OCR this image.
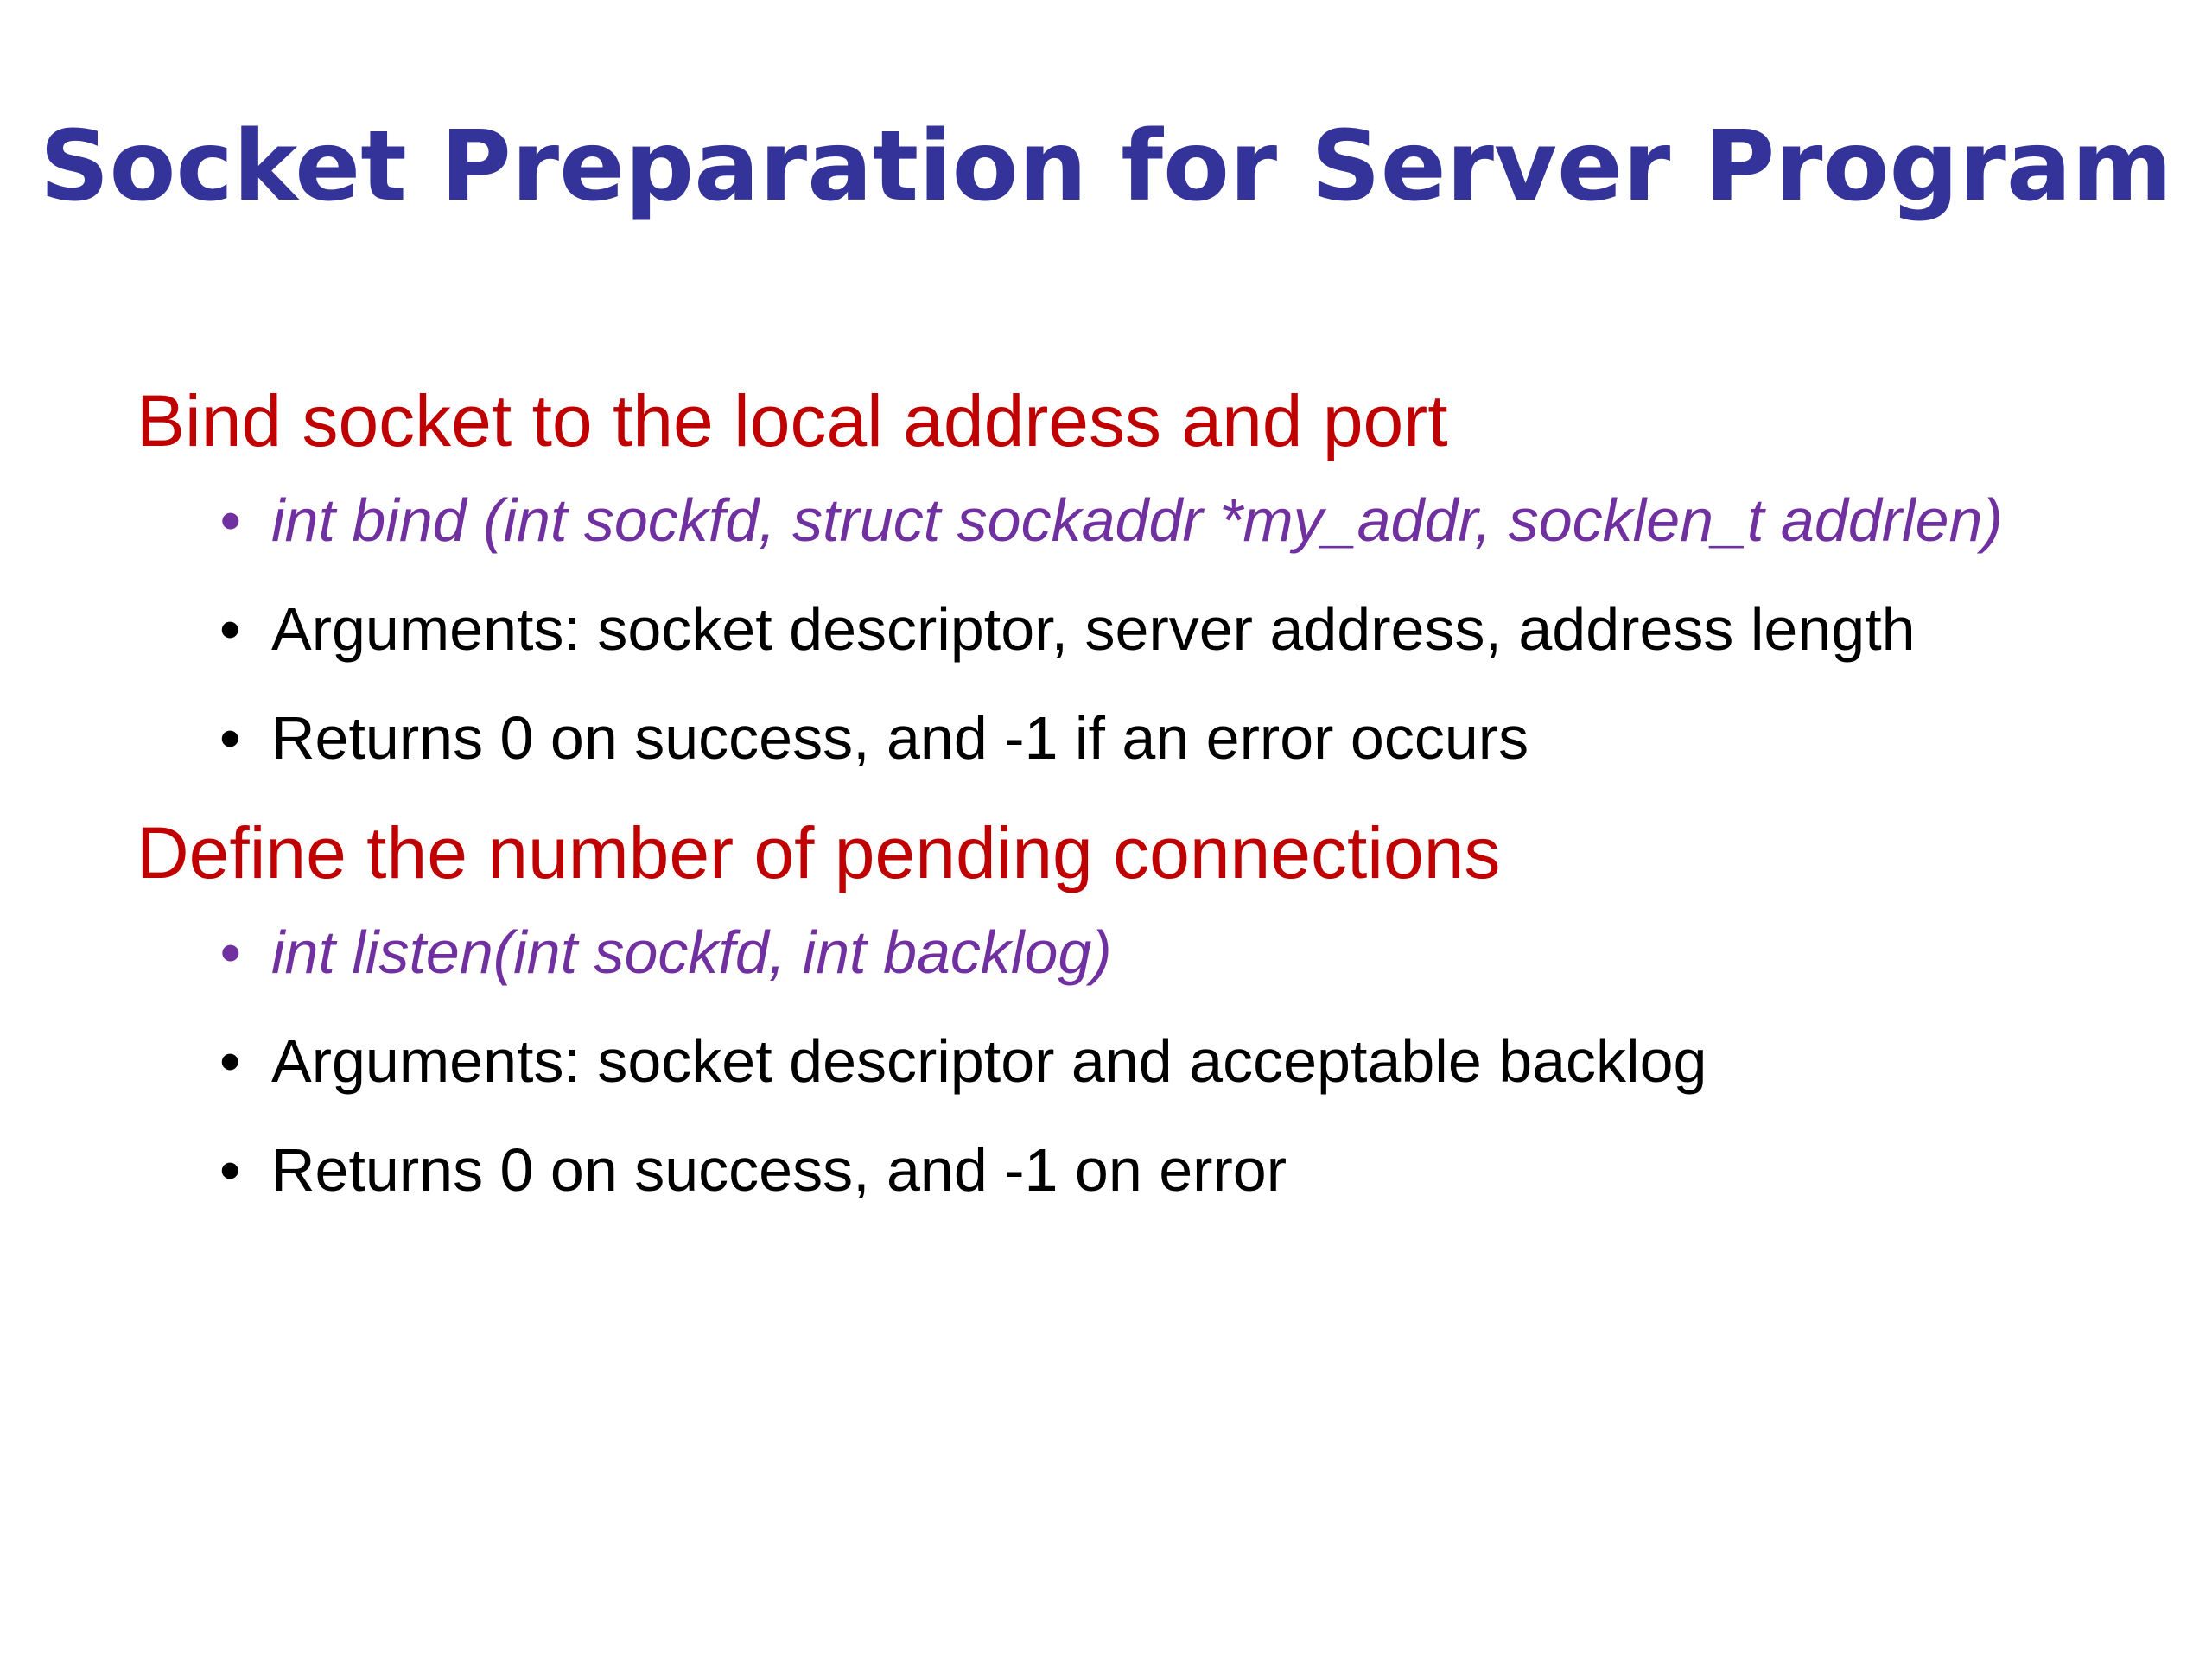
Socket Preparation for Server Program

Bind socket to the local address and port

• int bind (int sockfd, struct sockaddr *my_addr, socklen_t addrlen)
• Arguments: socket descriptor, server address, address length
• Returns 0 on success, and -1 if an error occurs

Define the number of pending connections

• int listen(int sockfd, int backlog)
• Arguments: socket descriptor and acceptable backlog
• Returns 0 on success, and -1 on error
